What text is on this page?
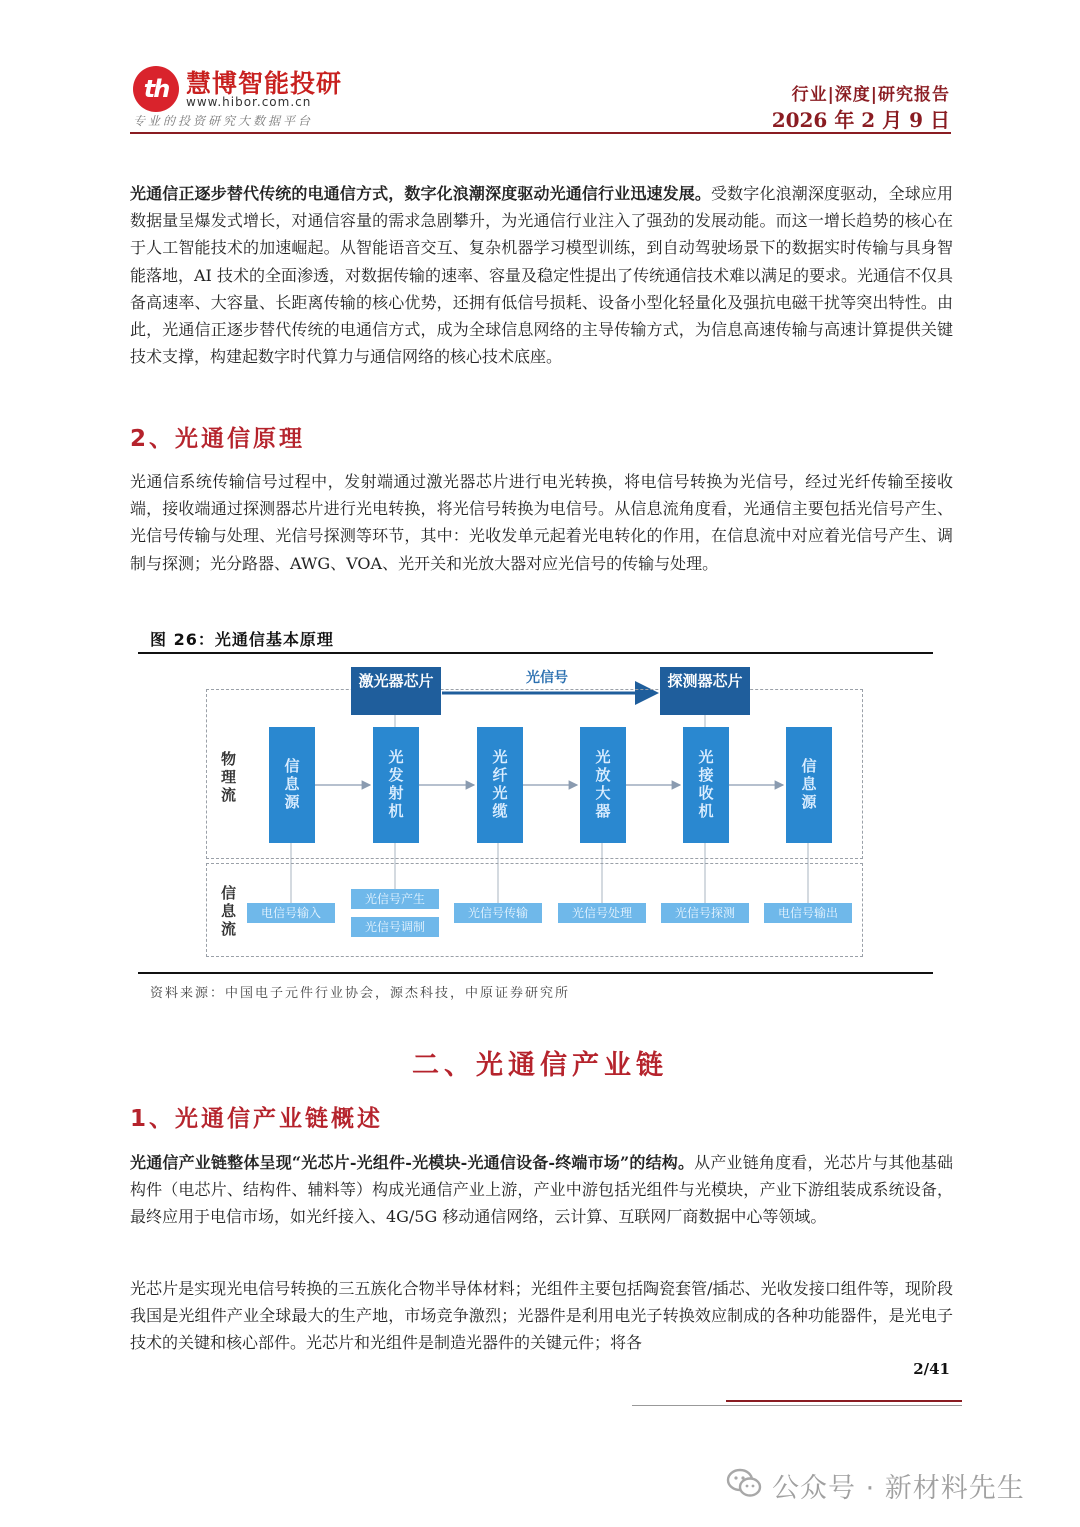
th 慧博智能投研
www.hibor.com.cn
专业的投资研究大数据平台
行业|深度|研究报告
2026 年 2 月 9 日
光通信正逐步替代传统的电通信方式，数字化浪潮深度驱动光通信行业迅速发展。受数字化浪潮深度驱动，全球应用数据量呈爆发式增长，对通信容量的需求急剧攀升，为光通信行业注入了强劲的发展动能。而这一增长趋势的核心在于人工智能技术的加速崛起。从智能语音交互、复杂机器学习模型训练，到自动驾驶场景下的数据实时传输与具身智能落地，AI 技术的全面渗透，对数据传输的速率、容量及稳定性提出了传统通信技术难以满足的要求。光通信不仅具备高速率、大容量、长距离传输的核心优势，还拥有低信号损耗、设备小型化轻量化及强抗电磁干扰等突出特性。由此，光通信正逐步替代传统的电通信方式，成为全球信息网络的主导传输方式，为信息高速传输与高速计算提供关键技术支撑，构建起数字时代算力与通信网络的核心技术底座。
2、光通信原理
光通信系统传输信号过程中，发射端通过激光器芯片进行电光转换，将电信号转换为光信号，经过光纤传输至接收端，接收端通过探测器芯片进行光电转换，将光信号转换为电信号。从信息流角度看，光通信主要包括光信号产生、光信号传输与处理、光信号探测等环节，其中：光收发单元起着光电转化的作用，在信息流中对应着光信号产生、调制与探测；光分路器、AWG、VOA、光开关和光放大器对应光信号的传输与处理。
图 26：光通信基本原理
激光器芯片	探测器芯片
光信号
物理流
信息流
信息源	光发射机	光纤光缆	光放大器	光接收机	信息源
电信号输入
光信号产生
光信号调制
光信号传输	光信号处理	光信号探测	电信号输出
资料来源：中国电子元件行业协会，源杰科技，中原证券研究所
二、光通信产业链
1、光通信产业链概述
光通信产业链整体呈现“光芯片-光组件-光模块-光通信设备-终端市场”的结构。从产业链角度看，光芯片与其他基础构件（电芯片、结构件、辅料等）构成光通信产业上游，产业中游包括光组件与光模块，产业下游组装成系统设备，最终应用于电信市场，如光纤接入、4G/5G 移动通信网络，云计算、互联网厂商数据中心等领域。
光芯片是实现光电信号转换的三五族化合物半导体材料；光组件主要包括陶瓷套管/插芯、光收发接口组件等，现阶段我国是光组件产业全球最大的生产地，市场竞争激烈；光器件是利用电光子转换效应制成的各种功能器件，是光电子技术的关键和核心部件。光芯片和光组件是制造光器件的关键元件；将各
2/41
公众号 · 新材料先生
